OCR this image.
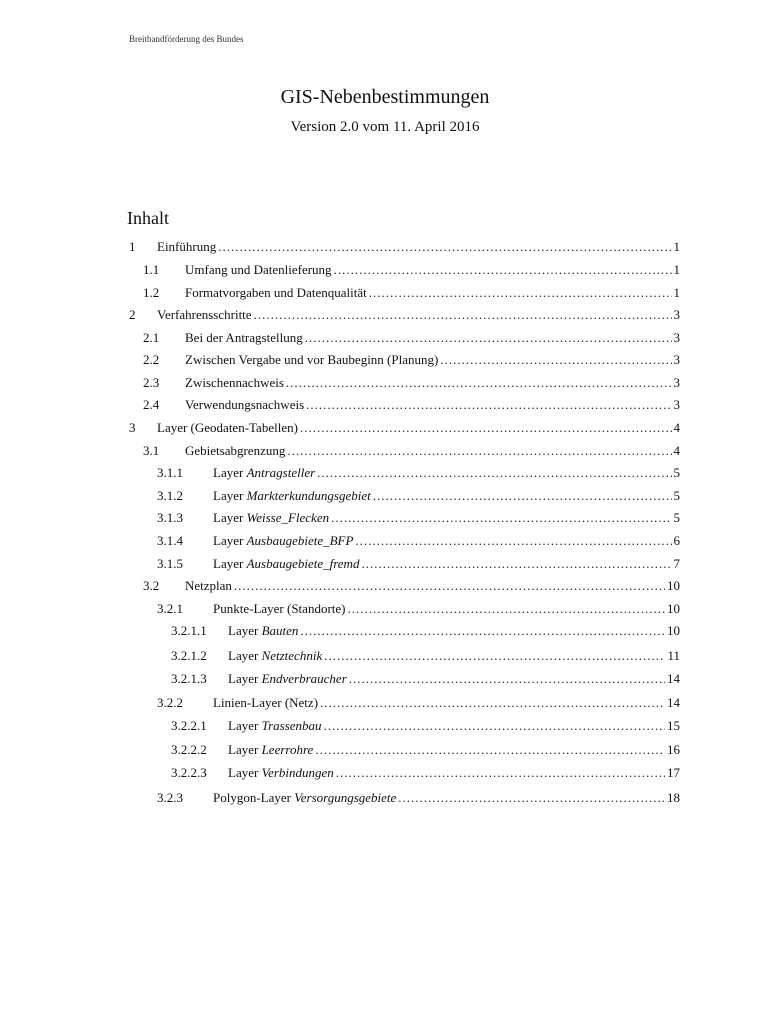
Breitbandförderung des Bundes
GIS-Nebenbestimmungen
Version 2.0 vom 11. April 2016
Inhalt
1 Einführung .....	1
1.1 Umfang und Datenlieferung .....	1
1.2 Formatvorgaben und Datenqualität .....	1
2 Verfahrensschritte .....	3
2.1 Bei der Antragstellung .....	3
2.2 Zwischen Vergabe und vor Baubeginn (Planung) .....	3
2.3 Zwischennachweis .....	3
2.4 Verwendungsnachweis .....	3
3 Layer (Geodaten-Tabellen) .....	4
3.1 Gebietsabgrenzung .....	4
3.1.1 Layer Antragsteller .....	5
3.1.2 Layer Markterkundungsgebiet .....	5
3.1.3 Layer Weisse_Flecken .....	5
3.1.4 Layer Ausbaugebiete_BFP .....	6
3.1.5 Layer Ausbaugebiete_fremd .....	7
3.2 Netzplan .....	10
3.2.1 Punkte-Layer (Standorte) .....	10
3.2.1.1 Layer Bauten .....	10
3.2.1.2 Layer Netztechnik .....	11
3.2.1.3 Layer Endverbraucher .....	14
3.2.2 Linien-Layer (Netz) .....	14
3.2.2.1 Layer Trassenbau .....	15
3.2.2.2 Layer Leerrohre .....	16
3.2.2.3 Layer Verbindungen .....	17
3.2.3 Polygon-Layer Versorgungsgebiete .....	18
